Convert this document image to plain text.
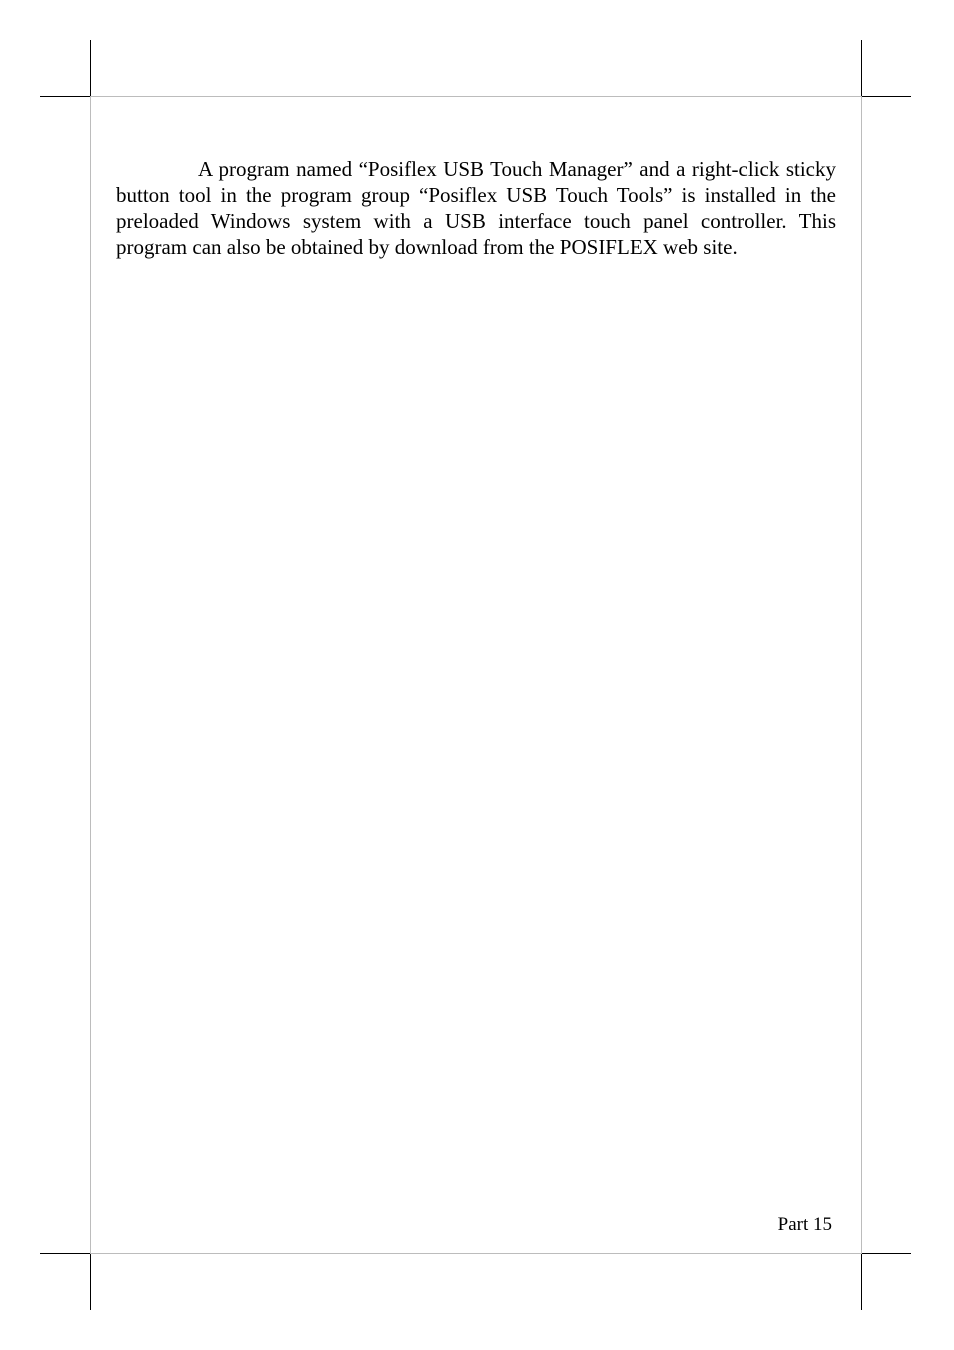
A program named “Posiflex USB Touch Manager” and a right-click sticky button tool in the program group “Posiflex USB Touch Tools” is installed in the preloaded Windows system with a USB interface touch panel controller. This program can also be obtained by download from the POSIFLEX web site.

Part 15
